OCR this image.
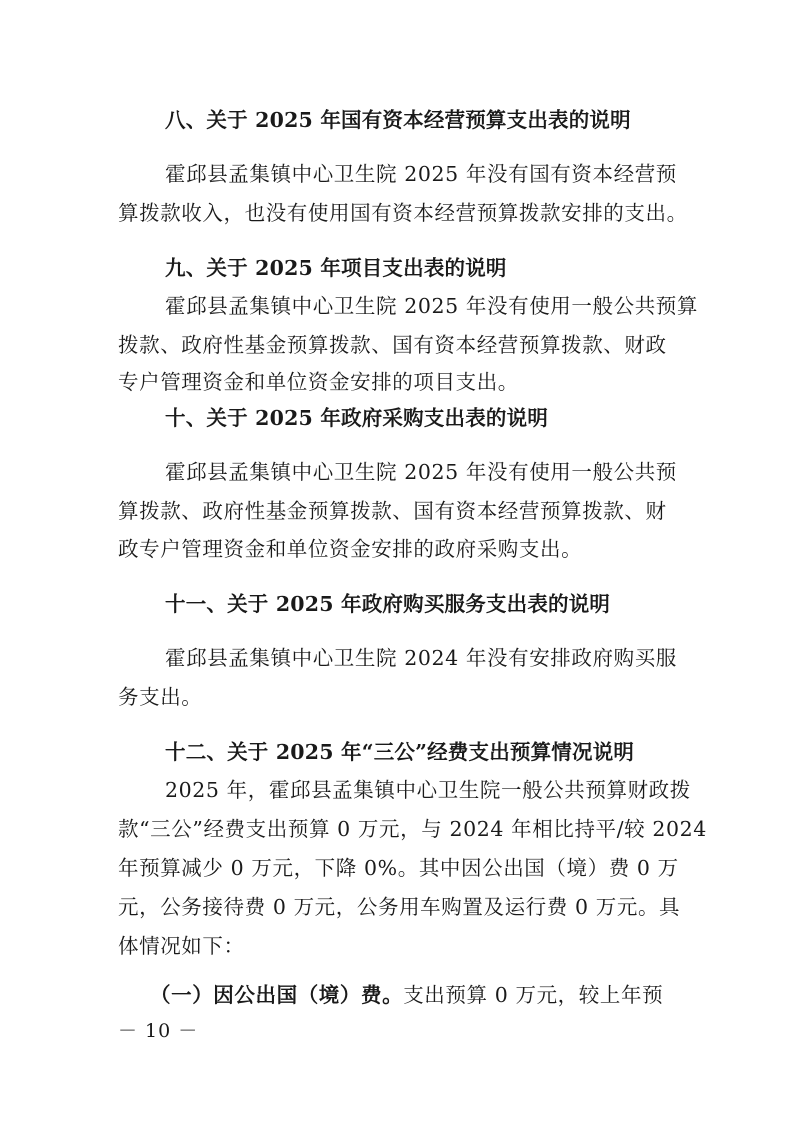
八、关于 2025 年国有资本经营预算支出表的说明
霍邱县孟集镇中心卫生院 2025 年没有国有资本经营预
算拨款收入，也没有使用国有资本经营预算拨款安排的支出。
九、关于 2025 年项目支出表的说明
霍邱县孟集镇中心卫生院 2025 年没有使用一般公共预算
拨款、政府性基金预算拨款、国有资本经营预算拨款、财政
专户管理资金和单位资金安排的项目支出。
十、关于 2025 年政府采购支出表的说明
霍邱县孟集镇中心卫生院 2025 年没有使用一般公共预
算拨款、政府性基金预算拨款、国有资本经营预算拨款、财
政专户管理资金和单位资金安排的政府采购支出。
十一、关于 2025 年政府购买服务支出表的说明
霍邱县孟集镇中心卫生院 2024 年没有安排政府购买服
务支出。
十二、关于 2025 年“三公”经费支出预算情况说明
2025 年，霍邱县孟集镇中心卫生院一般公共预算财政拨
款“三公”经费支出预算 0 万元，与 2024 年相比持平/较 2024
年预算减少 0 万元，下降 0%。其中因公出国（境）费 0 万
元，公务接待费 0 万元，公务用车购置及运行费 0 万元。具
体情况如下：
（一）因公出国（境）费。支出预算 0 万元，较上年预
－ 10 －
